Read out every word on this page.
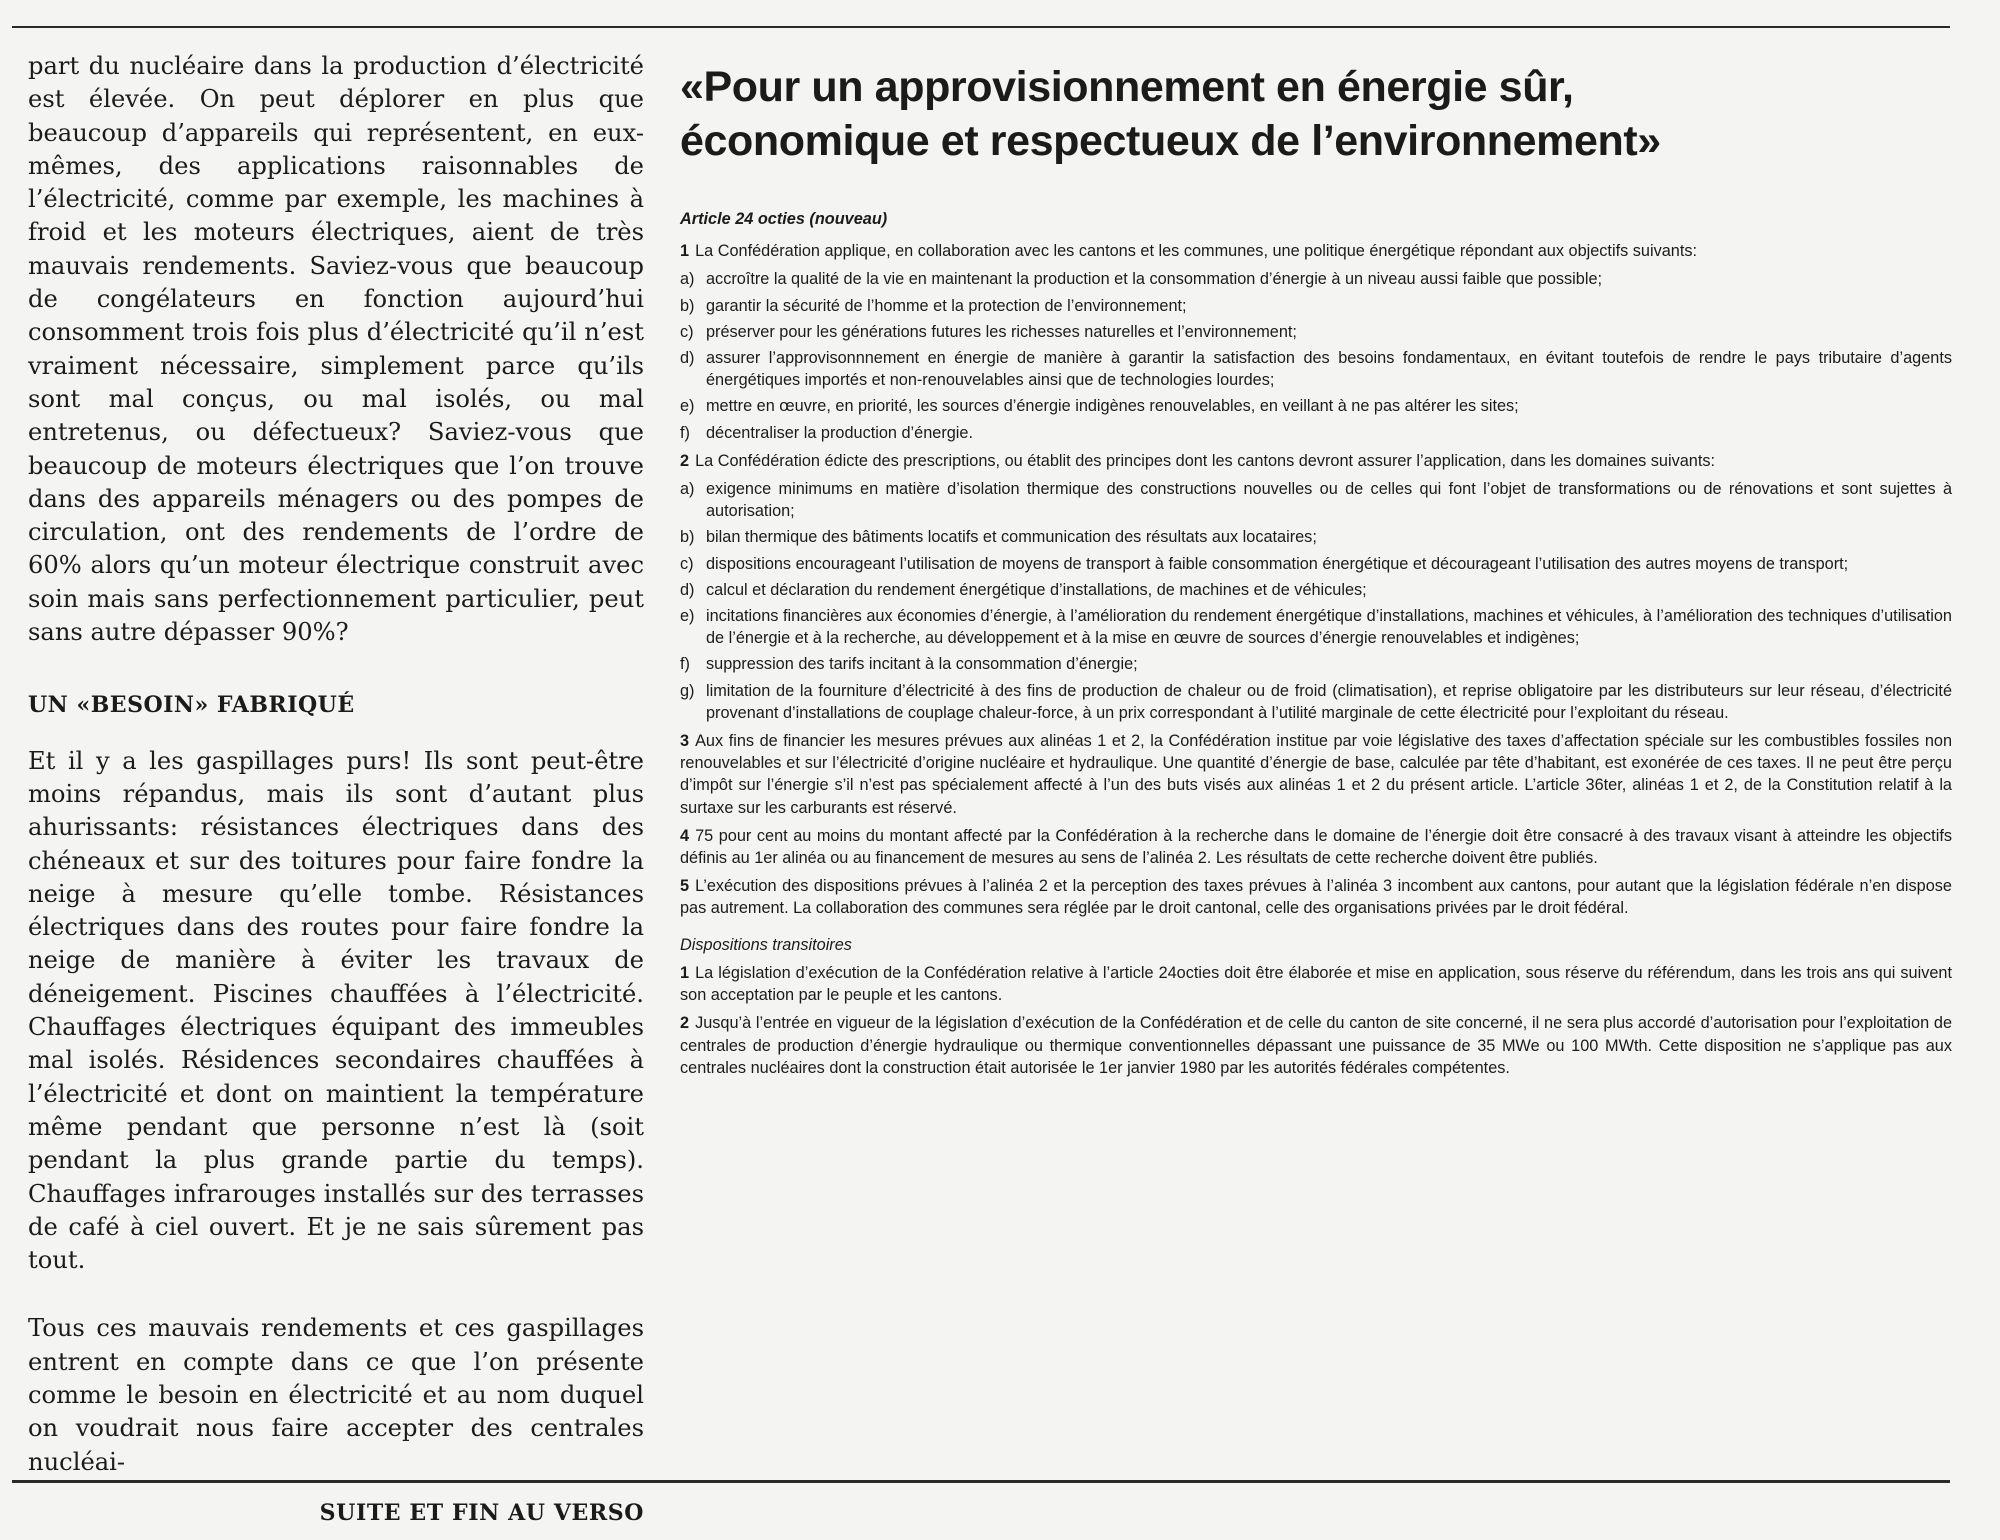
part du nucléaire dans la production d’électricité est élevée. On peut déplorer en plus que beaucoup d’appareils qui représentent, en eux-mêmes, des applications raisonnables de l’électricité, comme par exemple, les machines à froid et les moteurs électriques, aient de très mauvais rendements. Saviez-vous que beaucoup de congélateurs en fonction aujourd’hui consomment trois fois plus d’électricité qu’il n’est vraiment nécessaire, simplement parce qu’ils sont mal conçus, ou mal isolés, ou mal entretenus, ou défectueux? Saviez-vous que beaucoup de moteurs électriques que l’on trouve dans des appareils ménagers ou des pompes de circulation, ont des rendements de l’ordre de 60% alors qu’un moteur électrique construit avec soin mais sans perfectionnement particulier, peut sans autre dépasser 90%?

UN «BESOIN» FABRIQUÉ

Et il y a les gaspillages purs! Ils sont peut-être moins répandus, mais ils sont d’autant plus ahurissants: résistances électriques dans des chéneaux et sur des toitures pour faire fondre la neige à mesure qu’elle tombe. Résistances électriques dans des routes pour faire fondre la neige de manière à éviter les travaux de déneigement. Piscines chauffées à l’électricité. Chauffages électriques équipant des immeubles mal isolés. Résidences secondaires chauffées à l’électricité et dont on maintient la température même pendant que personne n’est là (soit pendant la plus grande partie du temps). Chauffages infrarouges installés sur des terrasses de café à ciel ouvert. Et je ne sais sûrement pas tout.

Tous ces mauvais rendements et ces gaspillages entrent en compte dans ce que l’on présente comme le besoin en électricité et au nom duquel on voudrait nous faire accepter des centrales nucléai-

SUITE ET FIN AU VERSO
«Pour un approvisionnement en énergie sûr,
économique et respectueux de l’environnement»
Article 24 octies (nouveau)
1 La Confédération applique, en collaboration avec les cantons et les communes, une politique énergétique répondant aux objectifs suivants:
a) accroître la qualité de la vie en maintenant la production et la consommation d’énergie à un niveau aussi faible que possible;
b) garantir la sécurité de l’homme et la protection de l’environnement;
c) préserver pour les générations futures les richesses naturelles et l’environnement;
d) assurer l’approvisonnnement en énergie de manière à garantir la satisfaction des besoins fondamentaux, en évitant toutefois de rendre le pays tributaire d’agents énergétiques importés et non-renouvelables ainsi que de technologies lourdes;
e) mettre en œuvre, en priorité, les sources d’énergie indigènes renouvelables, en veillant à ne pas altérer les sites;
f) décentraliser la production d’énergie.
2 La Confédération édicte des prescriptions, ou établit des principes dont les cantons devront assurer l’application, dans les domaines suivants:
a) exigence minimums en matière d’isolation thermique des constructions nouvelles ou de celles qui font l’objet de transformations ou de rénovations et sont sujettes à autorisation;
b) bilan thermique des bâtiments locatifs et communication des résultats aux locataires;
c) dispositions encourageant l’utilisation de moyens de transport à faible consommation énergétique et décourageant l’utilisation des autres moyens de transport;
d) calcul et déclaration du rendement énergétique d’installations, de machines et de véhicules;
e) incitations financières aux économies d’énergie, à l’amélioration du rendement énergétique d’installations, machines et véhicules, à l’amélioration des techniques d’utilisation de l’énergie et à la recherche, au développement et à la mise en œuvre de sources d’énergie renouvelables et indigènes;
f) suppression des tarifs incitant à la consommation d’énergie;
g) limitation de la fourniture d’électricité à des fins de production de chaleur ou de froid (climatisation), et reprise obligatoire par les distributeurs sur leur réseau, d’électricité provenant d’installations de couplage chaleur-force, à un prix correspondant à l’utilité marginale de cette électricité pour l’exploitant du réseau.
3 Aux fins de financier les mesures prévues aux alinéas 1 et 2, la Confédération institue par voie législative des taxes d’affectation spéciale sur les combustibles fossiles non renouvelables et sur l’électricité d’origine nucléaire et hydraulique. Une quantité d’énergie de base, calculée par tête d’habitant, est exonérée de ces taxes. Il ne peut être perçu d’impôt sur l’énergie s’il n’est pas spécialement affecté à l’un des buts visés aux alinéas 1 et 2 du présent article. L’article 36ter, alinéas 1 et 2, de la Constitution relatif à la surtaxe sur les carburants est réservé.
4 75 pour cent au moins du montant affecté par la Confédération à la recherche dans le domaine de l’énergie doit être consacré à des travaux visant à atteindre les objectifs définis au 1er alinéa ou au financement de mesures au sens de l’alinéa 2. Les résultats de cette recherche doivent être publiés.
5 L’exécution des dispositions prévues à l’alinéa 2 et la perception des taxes prévues à l’alinéa 3 incombent aux cantons, pour autant que la législation fédérale n’en dispose pas autrement. La collaboration des communes sera réglée par le droit cantonal, celle des organisations privées par le droit fédéral.
Dispositions transitoires
1 La législation d’exécution de la Confédération relative à l’article 24octies doit être élaborée et mise en application, sous réserve du référendum, dans les trois ans qui suivent son acceptation par le peuple et les cantons.
2 Jusqu’à l’entrée en vigueur de la législation d’exécution de la Confédération et de celle du canton de site concerné, il ne sera plus accordé d’autorisation pour l’exploitation de centrales de production d’énergie hydraulique ou thermique conventionnelles dépassant une puissance de 35 MWe ou 100 MWth. Cette disposition ne s’applique pas aux centrales nucléaires dont la construction était autorisée le 1er janvier 1980 par les autorités fédérales compétentes.
